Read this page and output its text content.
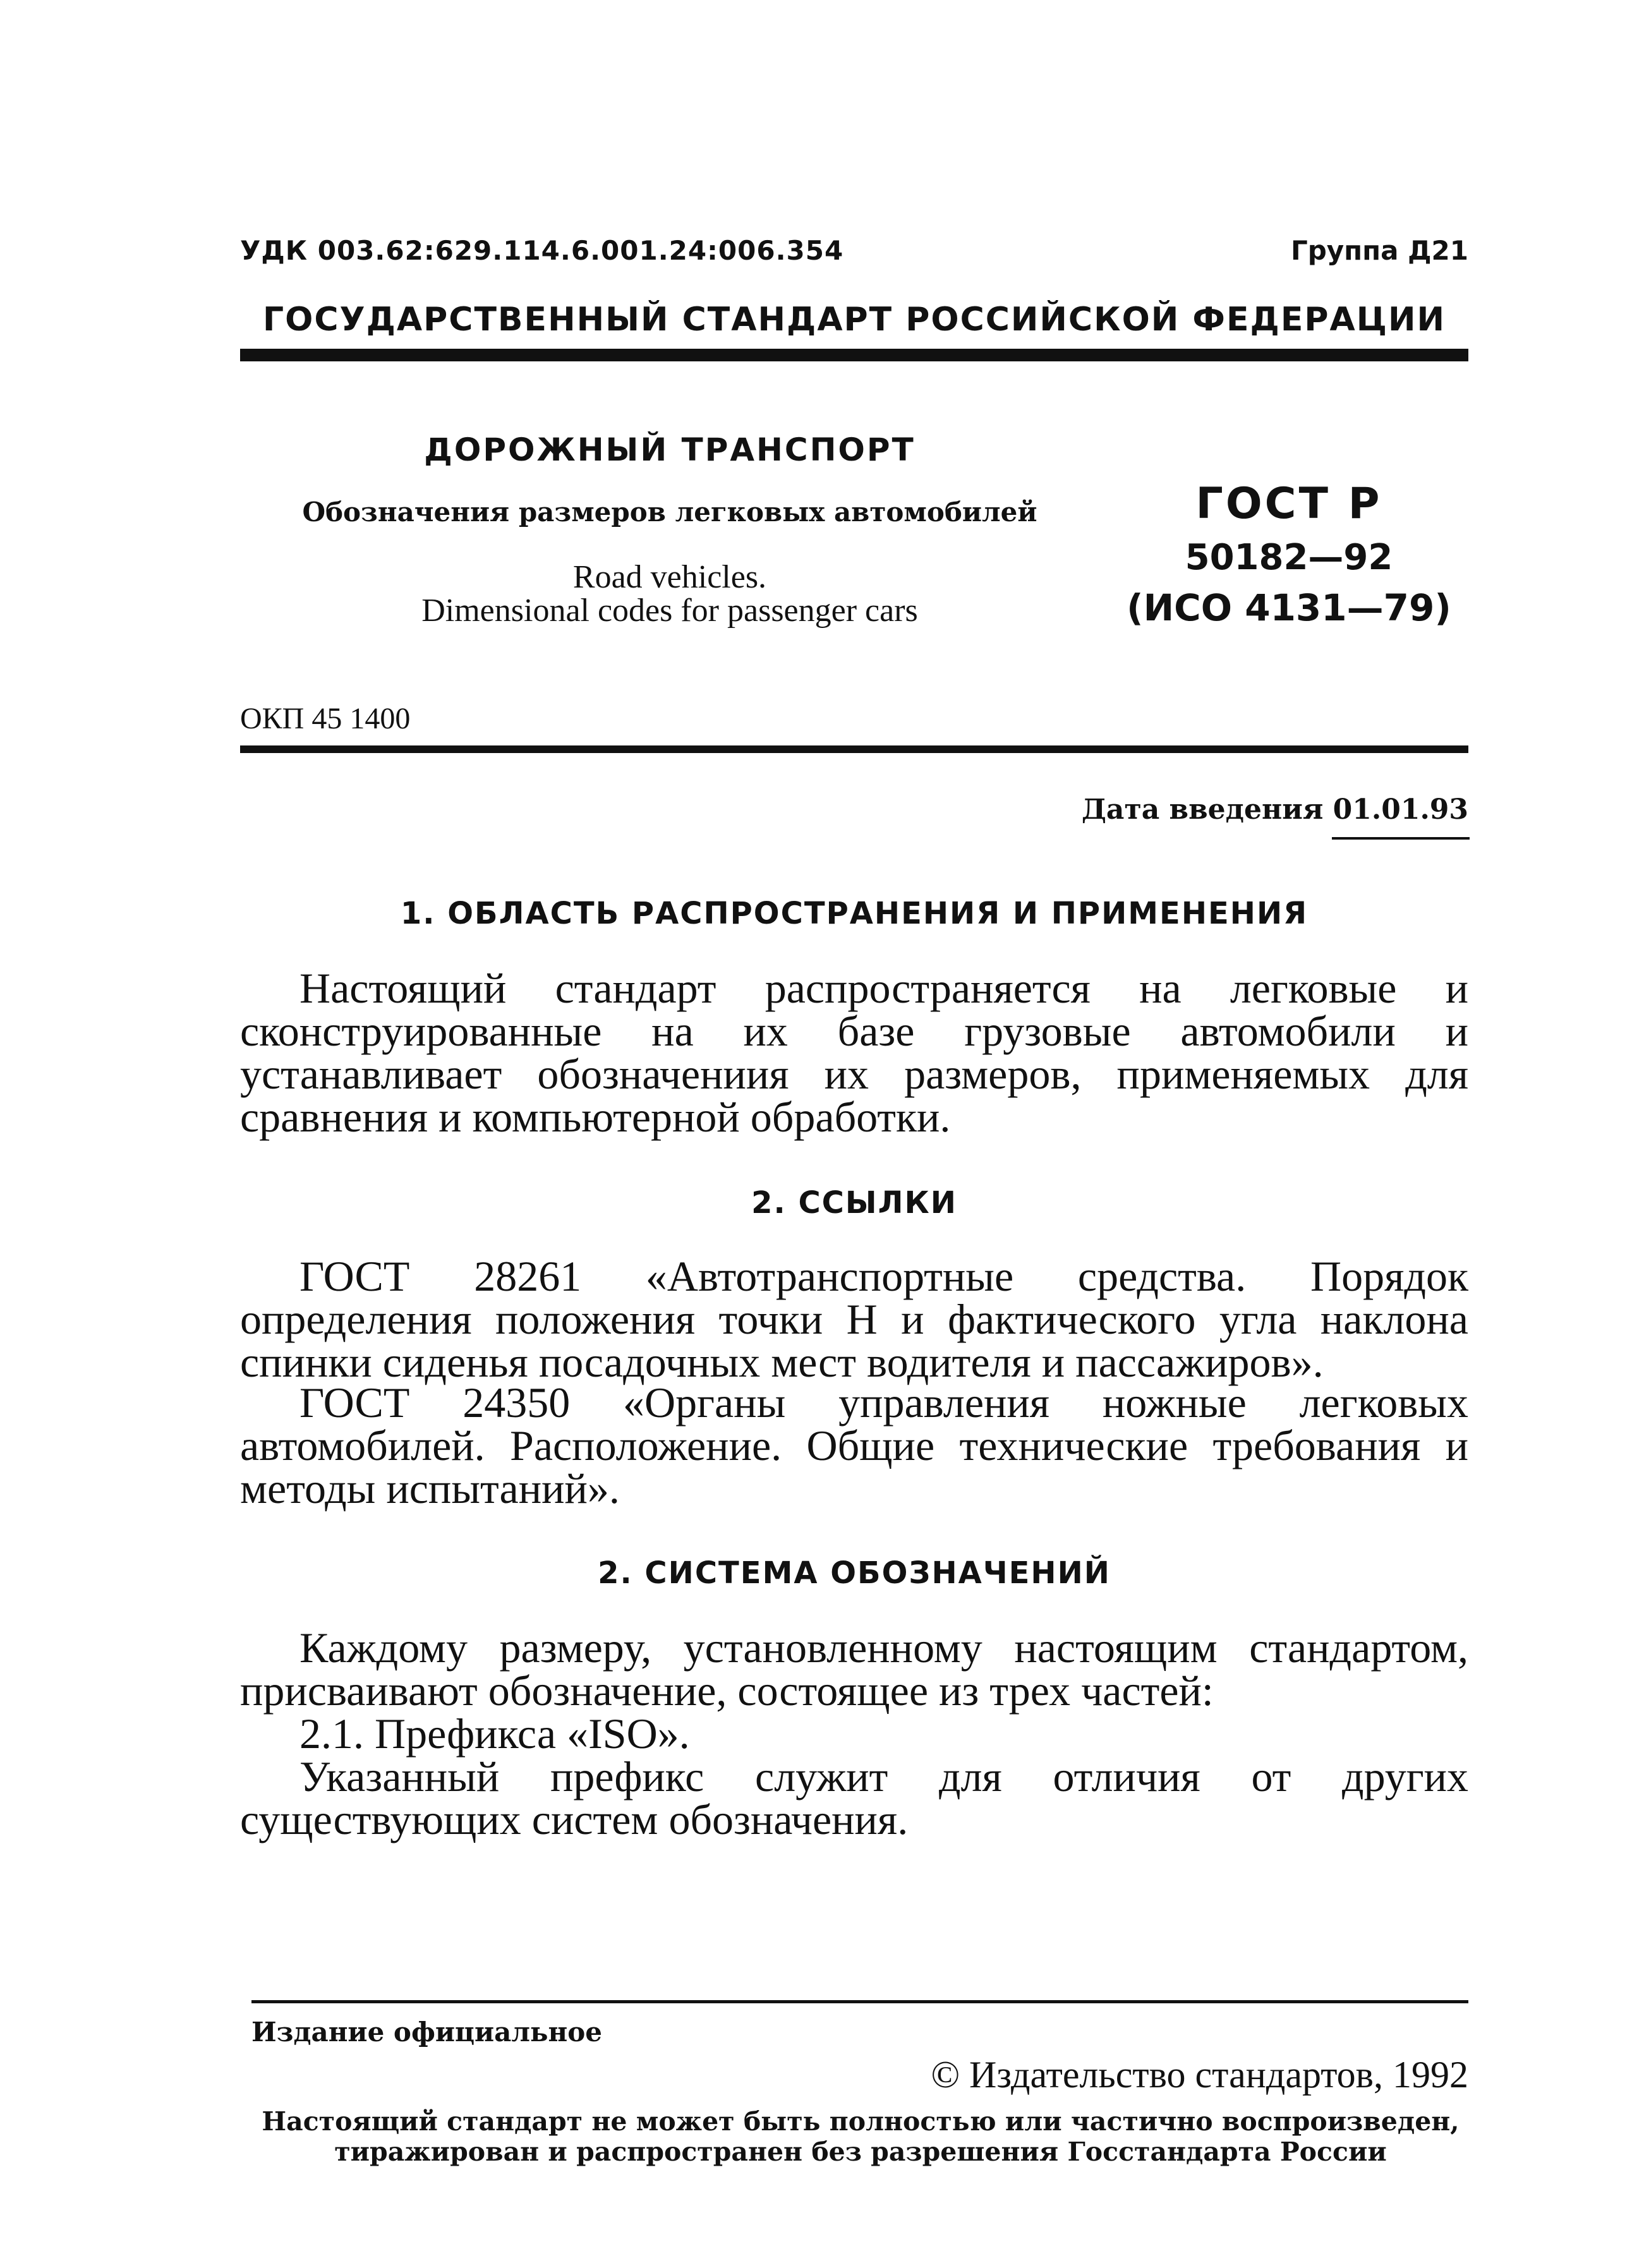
УДК 003.62:629.114.6.001.24:006.354	Группа Д21
ГОСУДАРСТВЕННЫЙ СТАНДАРТ РОССИЙСКОЙ ФЕДЕРАЦИИ
ДОРОЖНЫЙ ТРАНСПОРТ
Обозначения размеров легковых автомобилей
Road vehicles.
Dimensional codes for passenger cars
ГОСТ Р
50182—92
(ИСО 4131—79)
ОКП 45 1400
Дата введения 01.01.93
1. ОБЛАСТЬ РАСПРОСТРАНЕНИЯ И ПРИМЕНЕНИЯ

Настоящий стандарт распространяется на легковые и сконструированные на их базе грузовые автомобили и устанавливает обозначениия их размеров, применяемых для сравнения и компьютерной обработки.

2. ССЫЛКИ

ГОСТ 28261 «Автотранспортные средства. Порядок определения положения точки H и фактического угла наклона спинки сиденья посадочных мест водителя и пассажиров».

ГОСТ 24350 «Органы управления ножные легковых автомобилей. Расположение. Общие технические требования и методы испытаний».

2. СИСТЕМА ОБОЗНАЧЕНИЙ

Каждому размеру, установленному настоящим стандартом, присваивают обозначение, состоящее из трех частей:

2.1. Префикса «ISO».

Указанный префикс служит для отличия от других существующих систем обозначения.

Издание официальное
© Издательство стандартов, 1992
Настоящий стандарт не может быть полностью или частично воспроизведен,
тиражирован и распространен без разрешения Госстандарта России
